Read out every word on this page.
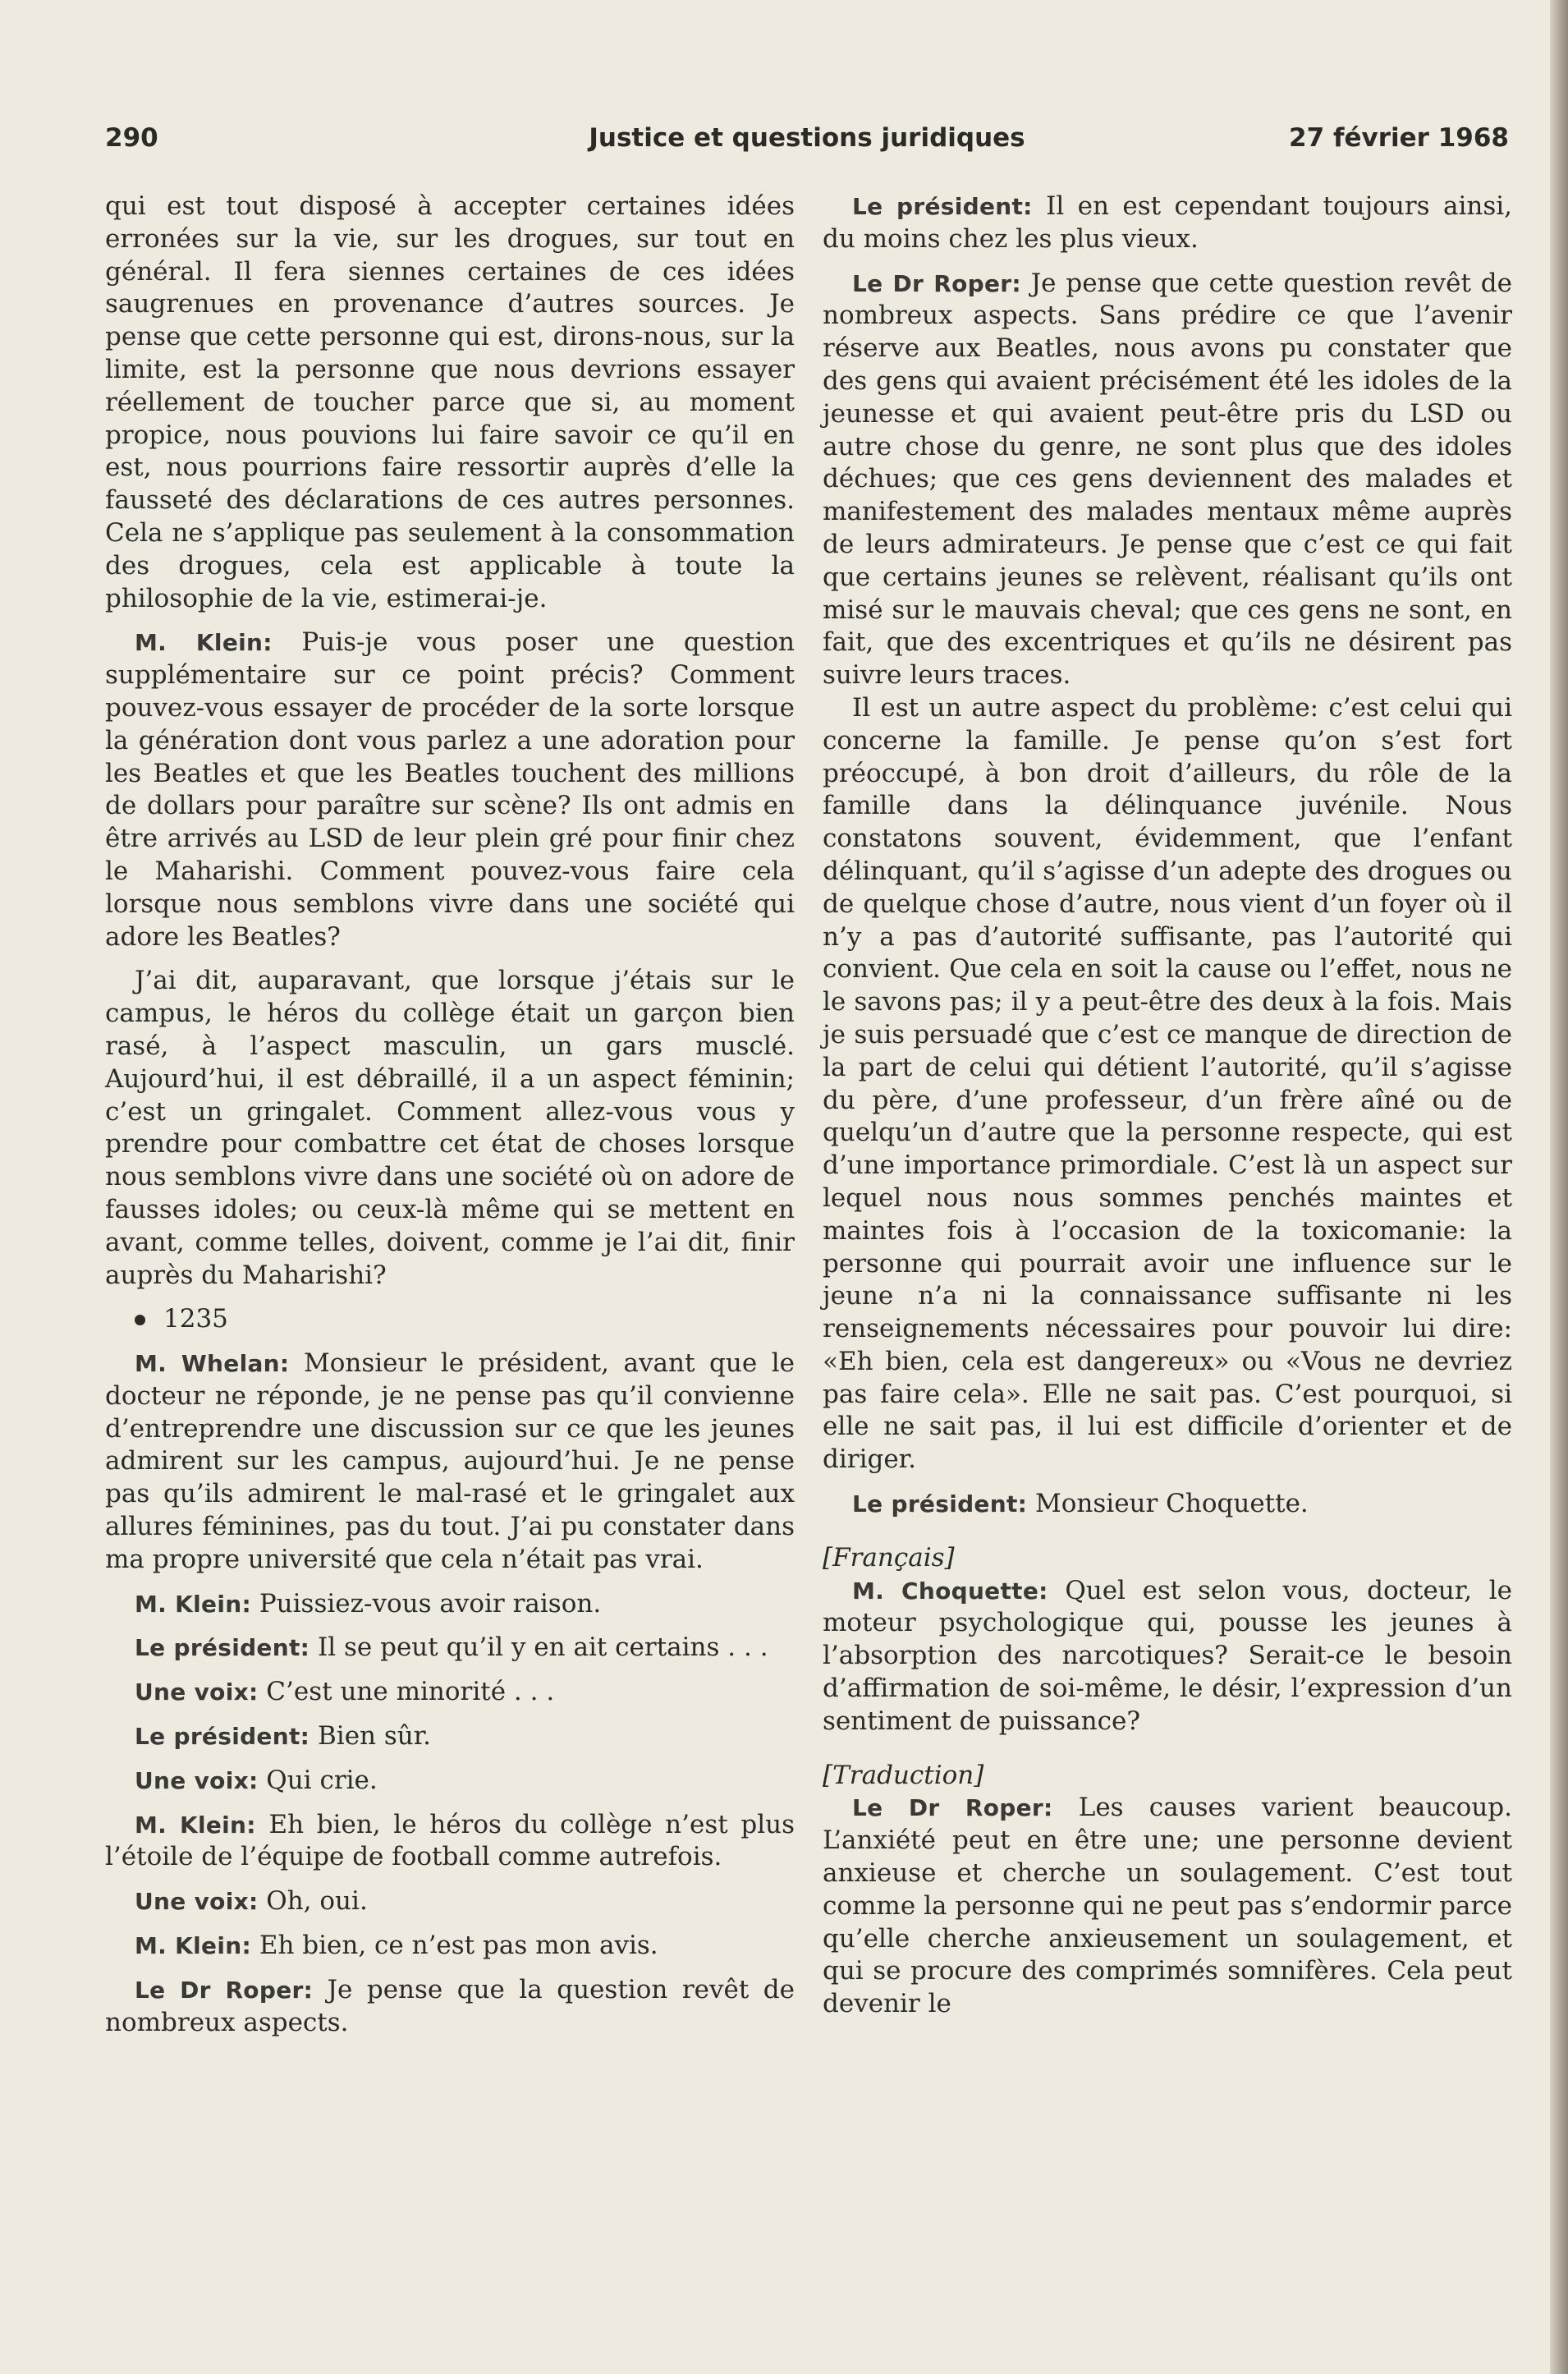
290	Justice et questions juridiques	27 février 1968

qui est tout disposé à accepter certaines idées erronées sur la vie, sur les drogues, sur tout en général. Il fera siennes certaines de ces idées saugrenues en provenance d’autres sources. Je pense que cette personne qui est, dirons-nous, sur la limite, est la personne que nous devrions essayer réellement de toucher parce que si, au moment propice, nous pouvions lui faire savoir ce qu’il en est, nous pourrions faire ressortir auprès d’elle la fausseté des déclarations de ces autres personnes. Cela ne s’applique pas seulement à la consommation des drogues, cela est applicable à toute la philosophie de la vie, estimerai-je.

M. Klein: Puis-je vous poser une question supplémentaire sur ce point précis? Comment pouvez-vous essayer de procéder de la sorte lorsque la génération dont vous parlez a une adoration pour les Beatles et que les Beatles touchent des millions de dollars pour paraître sur scène? Ils ont admis en être arrivés au LSD de leur plein gré pour finir chez le Maharishi. Comment pouvez-vous faire cela lorsque nous semblons vivre dans une société qui adore les Beatles?

J’ai dit, auparavant, que lorsque j’étais sur le campus, le héros du collège était un garçon bien rasé, à l’aspect masculin, un gars musclé. Aujourd’hui, il est débraillé, il a un aspect féminin; c’est un gringalet. Comment allez-vous vous y prendre pour combattre cet état de choses lorsque nous semblons vivre dans une société où on adore de fausses idoles; ou ceux-là même qui se mettent en avant, comme telles, doivent, comme je l’ai dit, finir auprès du Maharishi?

1235

M. Whelan: Monsieur le président, avant que le docteur ne réponde, je ne pense pas qu’il convienne d’entreprendre une discussion sur ce que les jeunes admirent sur les campus, aujourd’hui. Je ne pense pas qu’ils admirent le mal-rasé et le gringalet aux allures féminines, pas du tout. J’ai pu constater dans ma propre université que cela n’était pas vrai.

M. Klein: Puissiez-vous avoir raison.

Le président: Il se peut qu’il y en ait certains . . .

Une voix: C’est une minorité . . .

Le président: Bien sûr.

Une voix: Qui crie.

M. Klein: Eh bien, le héros du collège n’est plus l’étoile de l’équipe de football comme autrefois.

Une voix: Oh, oui.

M. Klein: Eh bien, ce n’est pas mon avis.

Le Dr Roper: Je pense que la question revêt de nombreux aspects.

Le président: Il en est cependant toujours ainsi, du moins chez les plus vieux.

Le Dr Roper: Je pense que cette question revêt de nombreux aspects. Sans prédire ce que l’avenir réserve aux Beatles, nous avons pu constater que des gens qui avaient précisément été les idoles de la jeunesse et qui avaient peut-être pris du LSD ou autre chose du genre, ne sont plus que des idoles déchues; que ces gens deviennent des malades et manifestement des malades mentaux même auprès de leurs admirateurs. Je pense que c’est ce qui fait que certains jeunes se relèvent, réalisant qu’ils ont misé sur le mauvais cheval; que ces gens ne sont, en fait, que des excentriques et qu’ils ne désirent pas suivre leurs traces.

Il est un autre aspect du problème: c’est celui qui concerne la famille. Je pense qu’on s’est fort préoccupé, à bon droit d’ailleurs, du rôle de la famille dans la délinquance juvénile. Nous constatons souvent, évidemment, que l’enfant délinquant, qu’il s’agisse d’un adepte des drogues ou de quelque chose d’autre, nous vient d’un foyer où il n’y a pas d’autorité suffisante, pas l’autorité qui convient. Que cela en soit la cause ou l’effet, nous ne le savons pas; il y a peut-être des deux à la fois. Mais je suis persuadé que c’est ce manque de direction de la part de celui qui détient l’autorité, qu’il s’agisse du père, d’une professeur, d’un frère aîné ou de quelqu’un d’autre que la personne respecte, qui est d’une importance primordiale. C’est là un aspect sur lequel nous nous sommes penchés maintes et maintes fois à l’occasion de la toxicomanie: la personne qui pourrait avoir une influence sur le jeune n’a ni la connaissance suffisante ni les renseignements nécessaires pour pouvoir lui dire: «Eh bien, cela est dangereux» ou «Vous ne devriez pas faire cela». Elle ne sait pas. C’est pourquoi, si elle ne sait pas, il lui est difficile d’orienter et de diriger.

Le président: Monsieur Choquette.

[Français]

M. Choquette: Quel est selon vous, docteur, le moteur psychologique qui, pousse les jeunes à l’absorption des narcotiques? Serait-ce le besoin d’affirmation de soi-même, le désir, l’expression d’un sentiment de puissance?

[Traduction]

Le Dr Roper: Les causes varient beaucoup. L’anxiété peut en être une; une personne devient anxieuse et cherche un soulagement. C’est tout comme la personne qui ne peut pas s’endormir parce qu’elle cherche anxieusement un soulagement, et qui se procure des comprimés somnifères. Cela peut devenir le
